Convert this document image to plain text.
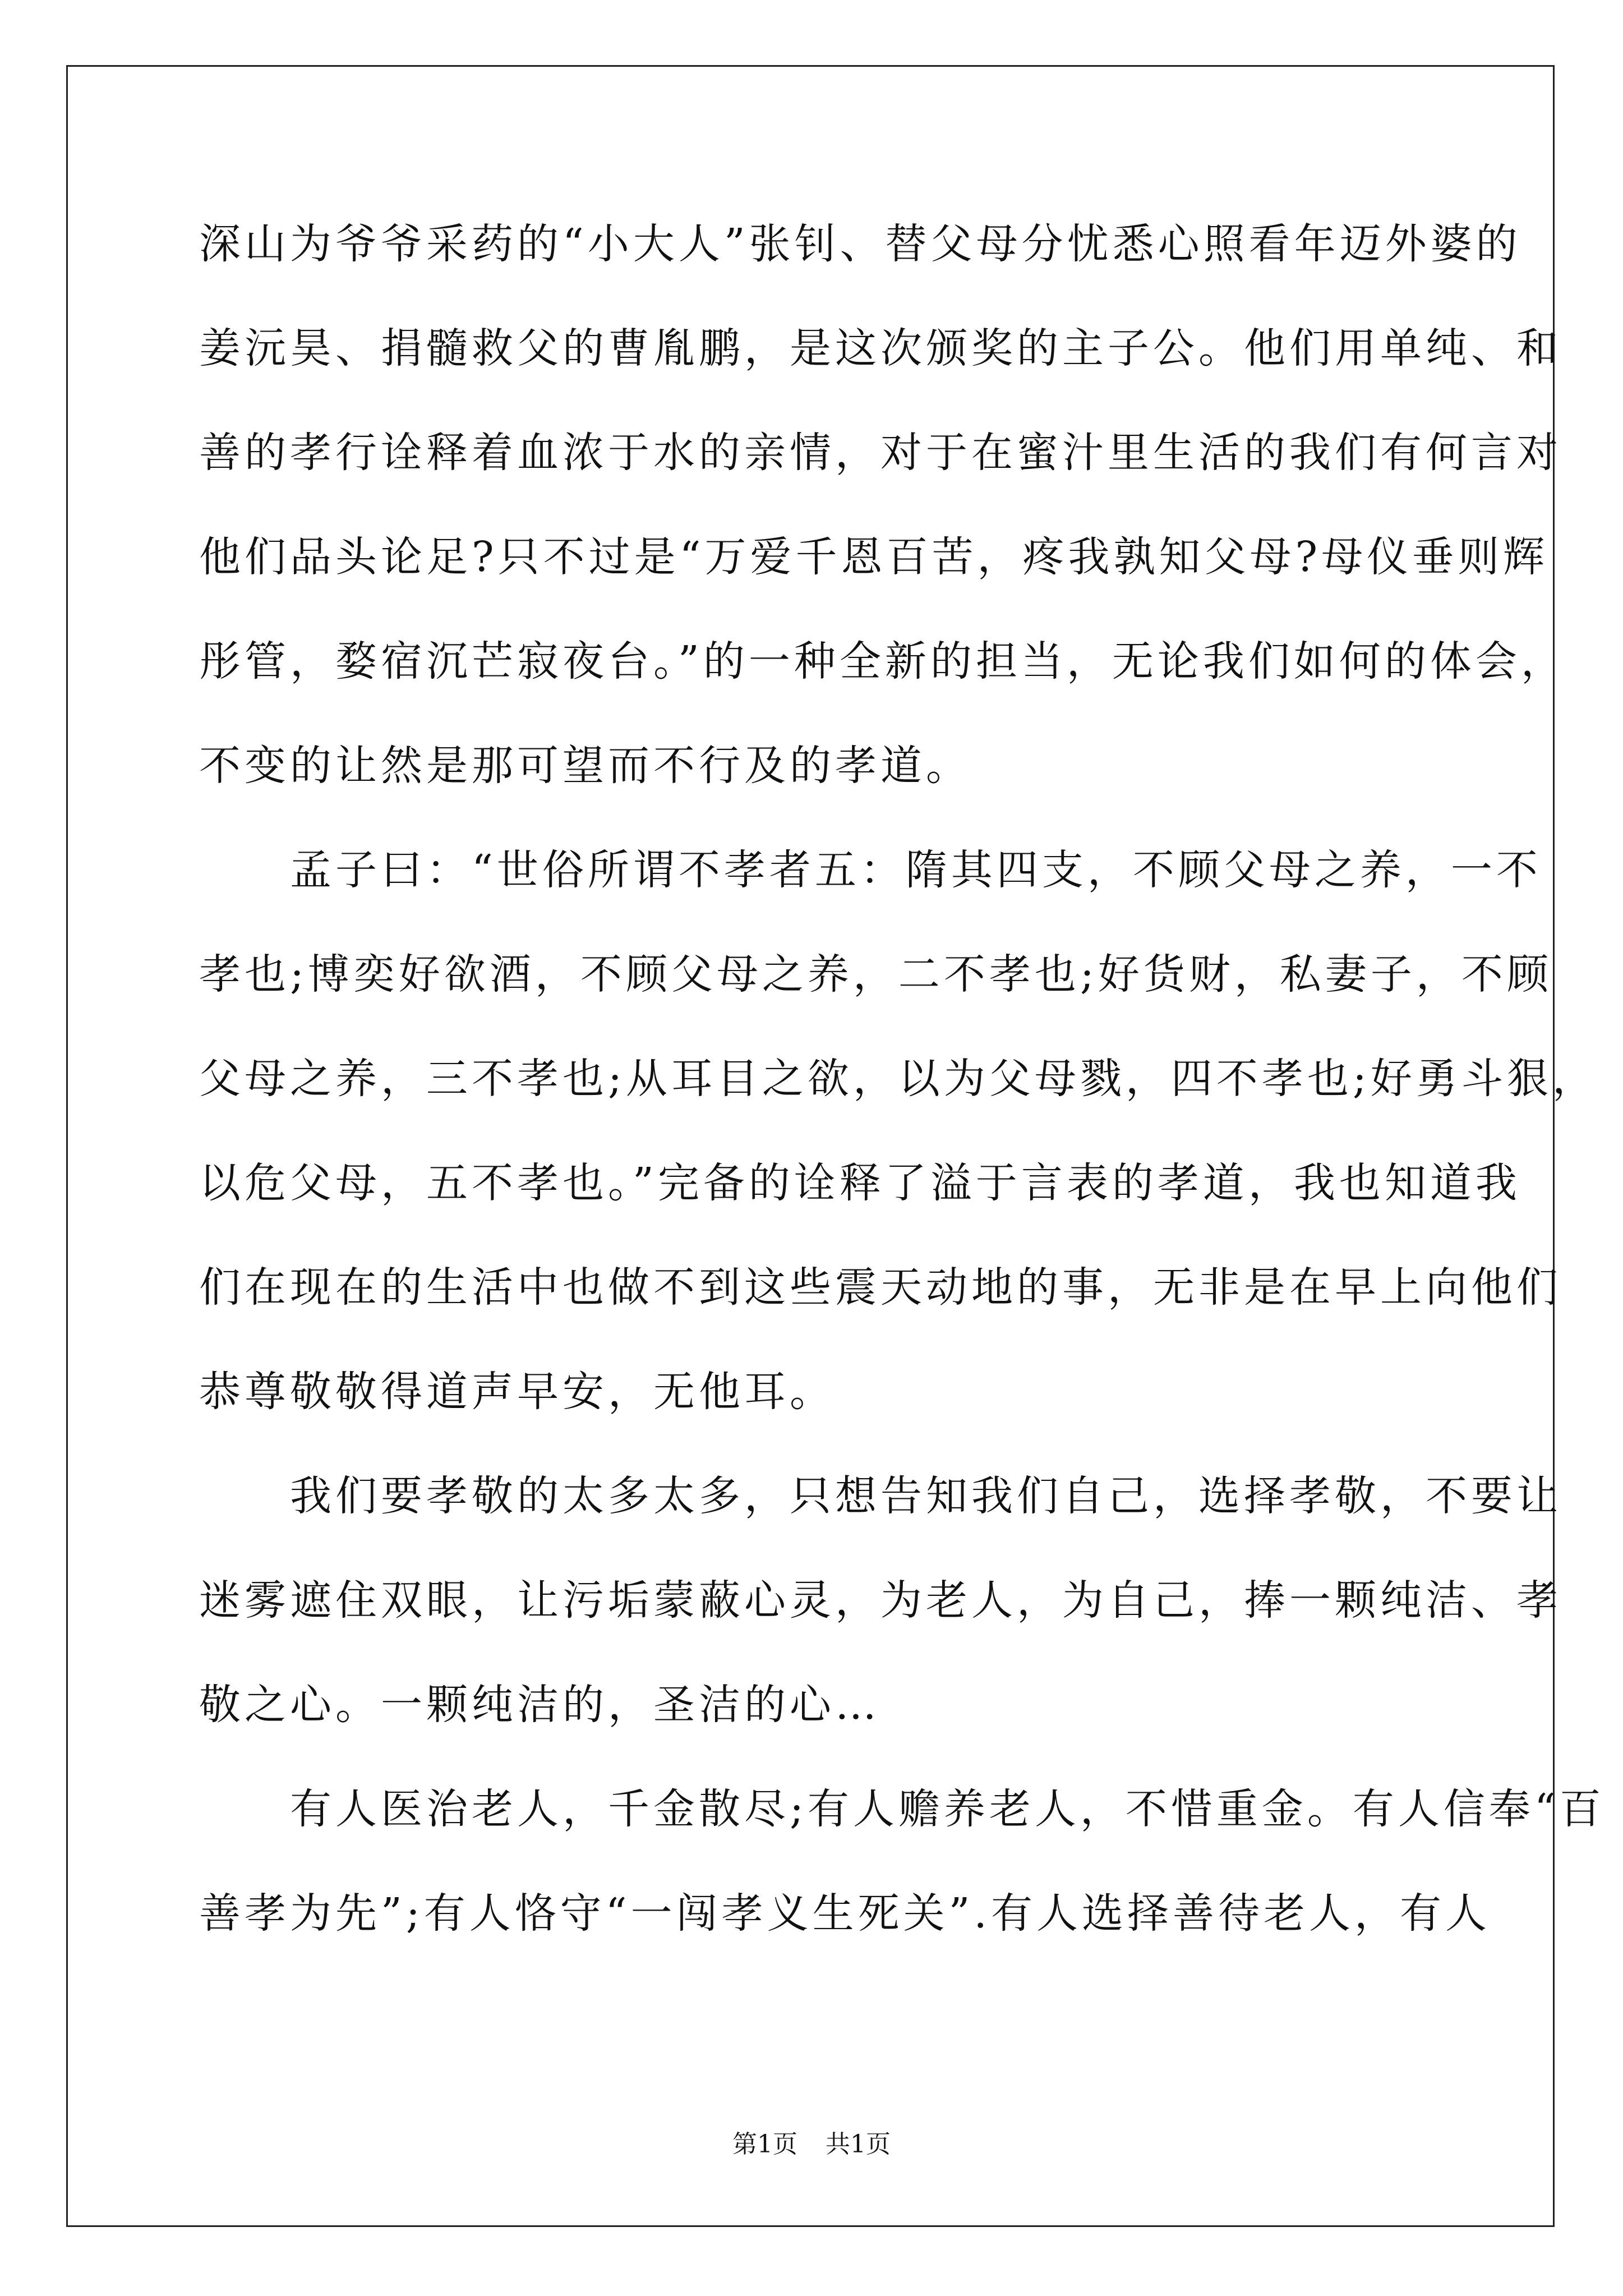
深山为爷爷采药的“小大人”张钊、替父母分忧悉心照看年迈外婆的
姜沅昊、捐髓救父的曹胤鹏，是这次颁奖的主子公。他们用单纯、和
善的孝行诠释着血浓于水的亲情，对于在蜜汁里生活的我们有何言对
他们品头论足?只不过是“万爱千恩百苦，疼我孰知父母?母仪垂则辉
彤管，婺宿沉芒寂夜台。”的一种全新的担当，无论我们如何的体会，
不变的让然是那可望而不行及的孝道。
　　孟子曰：“世俗所谓不孝者五：隋其四支，不顾父母之养，一不
孝也;博奕好欲酒，不顾父母之养，二不孝也;好货财，私妻子，不顾
父母之养，三不孝也;从耳目之欲，以为父母戮，四不孝也;好勇斗狠，
以危父母，五不孝也。”完备的诠释了溢于言表的孝道，我也知道我
们在现在的生活中也做不到这些震天动地的事，无非是在早上向他们
恭尊敬敬得道声早安，无他耳。
　　我们要孝敬的太多太多，只想告知我们自己，选择孝敬，不要让
迷雾遮住双眼，让污垢蒙蔽心灵，为老人，为自己，捧一颗纯洁、孝
敬之心。一颗纯洁的，圣洁的心…
　　有人医治老人，千金散尽;有人赡养老人，不惜重金。有人信奉“百
善孝为先”;有人恪守“一闯孝义生死关”.有人选择善待老人，有人
第1页 共1页
